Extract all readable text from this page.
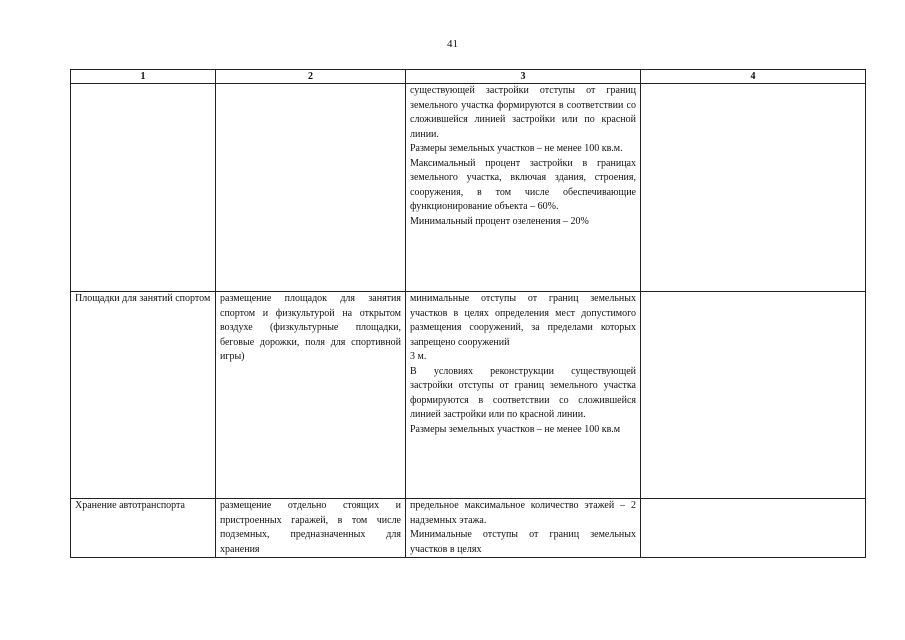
41
1	2	3	4

		существующей застройки отступы от границ земельного участка формируются в соответствии со сложившейся линией застройки или по красной линии.

Размеры земельных участков – не менее 100 кв.м.

Максимальный процент застройки в границах земельного участка, включая здания, строения, сооружения, в том числе обеспечивающие функционирование объекта – 60%.

Минимальный процент озеленения – 20%	

Площадки для занятий спортом	размещение площадок для занятия спортом и физкультурой на открытом воздухе (физкультурные площадки, беговые дорожки, поля для спортивной игры)	минимальные отступы от границ земельных участков в целях определения мест допустимого размещения сооружений, за пределами которых запрещено сооружений

3 м.

В условиях реконструкции существующей застройки отступы от границ земельного участка формируются в соответствии со сложившейся линией застройки или по красной линии.

Размеры земельных участков – не менее 100 кв.м	

Хранение автотранспорта	размещение отдельно стоящих и пристроенных гаражей, в том числе подземных, предназначенных для хранения	предельное максимальное количество этажей – 2 надземных этажа.

Минимальные отступы от границ земельных участков в целях	
